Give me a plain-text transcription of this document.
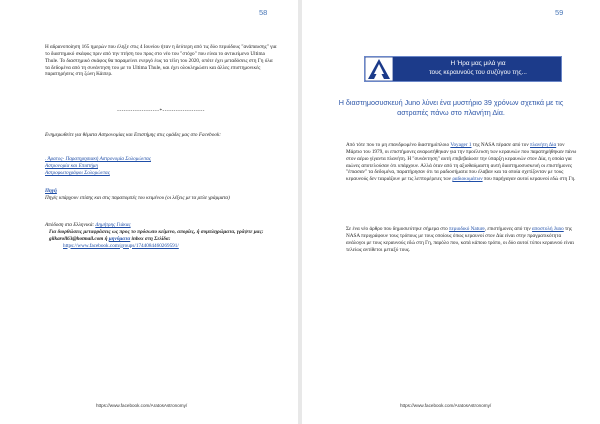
58

Η αδρανοποίηση 165 ημερών που έληξε στις 4 Ιουνίου ήταν η δεύτερη από τις δύο περιόδους "ανάπαυσης" για το διαστημικό σκάφος πριν από την πτήση του προς στο νέο του "στόχο" που είναι το αντικείμενο Ultima Thule. Το διαστημικό σκάφος θα παραμείνει ενεργό έως τα τέλη του 2020, οπότε έχει μεταδόσεις στη Γη όλα τα δεδομένα από τη συνάντηση του με το Ultima Thule, και έχει ολοκληρώσει και άλλες επιστημονικές παρατηρήσεις στη ζώνη Κάιπερ.

-------------------*-------------------
Ενημερωθείτε για θέματα Αστρονομίας και Επιστήμης στις ομάδες μας στο Facebook:

. Άρατος- Παρατηρησιακή Αστρονομία Σολομώντας

Αστρονομία και Επιστήμη

Αστροφωτογράφοι Σολομώντας

Πηγή

Πηγές υπάρχουν επίσης και στις παραπομπές του κειμένου (οι λέξεις με τα μπλε γράμματα)

Απόδοση στα Ελληνικά: Δημήτρης Γιάκας

Για διορθώσεις μεταφράσεις ως προς το πρόσωπο κείμενο, απορίες, ή συμπληρώματα, γράψτε μας: gilkaroll63@hotmail.com ή μηνύματα inbox στη Σελίδα:

https://www.facebook.com/groups/1744084460269591/

https://www.facebook.com/AratosAstronomy/
59
Η Ήρα μας μιλά για
τους κεραυνούς του συζύγου της...
Η διαστημοσυσκευή Juno λύνει ένα μυστήριο 39 χρόνων σχετικά με τις αστραπές πάνω στο πλανήτη Δία.

Από τότε που το μη επανδρωμένο διαστημόπλοιο Voyager 1 της NASA πέρασε από τον πλανήτη Δία τον Μάρτιο του 1979, οι επιστήμονες αναρωτήθηκαν για την προέλευση των κεραυνών που παρατηρήθηκαν πάνω στον αέριο γίγαντα πλανήτη. Η "συνάντηση" αυτή επιβεβαίωσε την ύπαρξη κεραυνών στον Δία, η οποία για αιώνες αποτελούσαν ότι υπάρχουν. Αλλά όταν από τη αξιοθαύμαστη αυτή διαστημοσυσκευή οι επιστήμονες "έπιασαν" τα δεδομένα, παρατήρησαν ότι τα ραδιοσήματα που έλαβαν και τα οποία σχετίζονταν με τους κεραυνούς δεν ταιριάζουν με τις λεπτομέρειες των ραδιοκυμάτων που παρήγαγαν αυτοί κεραυνοί εδώ στη Γη.

Σε ένα νέο άρθρο που δημοσιεύτηκε σήμερα στο περιοδικό Nature, επιστήμονες από την αποστολή Juno της NASA περιγράφουν τους τρόπους με τους οποίους όπως κεραυνοί στον Δία είναι στην πραγματικότητα ανάλογοι με τους κεραυνούς εδώ στη Γη, παρόλο που, κατά κάποιο τρόπο, οι δύο αυτοί τύποι κεραυνού είναι τελείως αντίθετοι μεταξύ τους.

https://www.facebook.com/AratosAstronomy/
